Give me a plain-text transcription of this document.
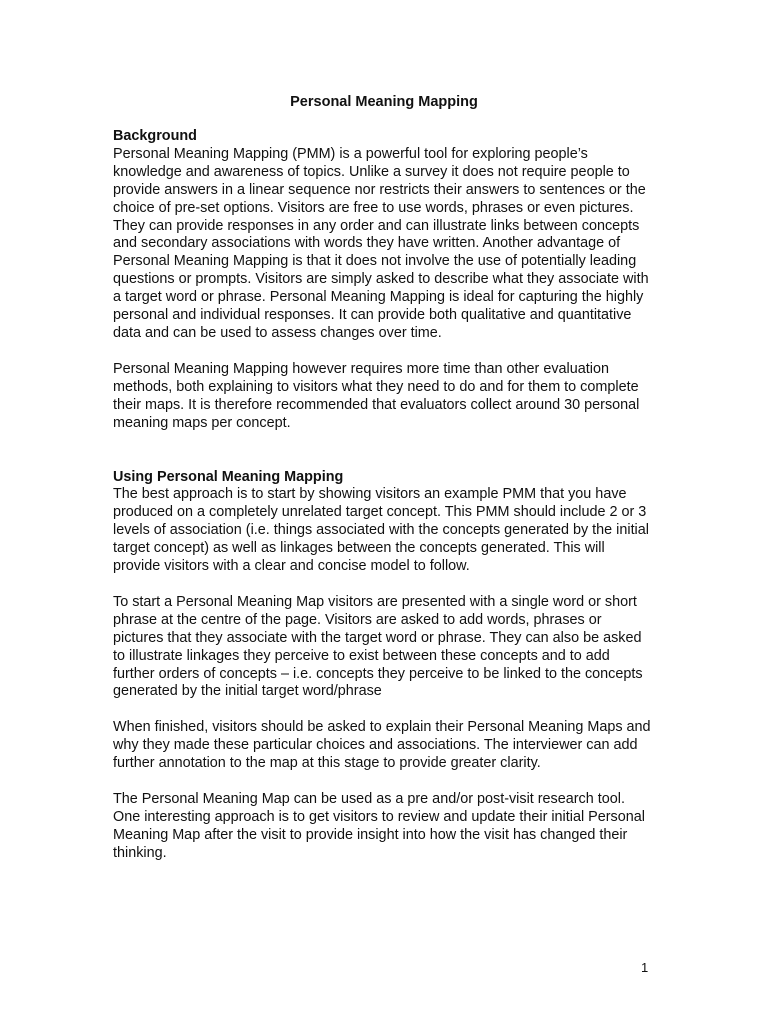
Personal Meaning Mapping
Background

Personal Meaning Mapping (PMM) is a powerful tool for exploring people’s knowledge and awareness of topics. Unlike a survey it does not require people to provide answers in a linear sequence nor restricts their answers to sentences or the choice of pre-set options. Visitors are free to use words, phrases or even pictures. They can provide responses in any order and can illustrate links between concepts and secondary associations with words they have written. Another advantage of Personal Meaning Mapping is that it does not involve the use of potentially leading questions or prompts. Visitors are simply asked to describe what they associate with a target word or phrase. Personal Meaning Mapping is ideal for capturing the highly personal and individual responses. It can provide both qualitative and quantitative data and can be used to assess changes over time.

Personal Meaning Mapping however requires more time than other evaluation methods, both explaining to visitors what they need to do and for them to complete their maps. It is therefore recommended that evaluators collect around 30 personal meaning maps per concept.

Using Personal Meaning Mapping

The best approach is to start by showing visitors an example PMM that you have produced on a completely unrelated target concept. This PMM should include 2 or 3 levels of association (i.e. things associated with the concepts generated by the initial target concept) as well as linkages between the concepts generated. This will provide visitors with a clear and concise model to follow.

To start a Personal Meaning Map visitors are presented with a single word or short phrase at the centre of the page. Visitors are asked to add words, phrases or pictures that they associate with the target word or phrase. They can also be asked to illustrate linkages they perceive to exist between these concepts and to add further orders of concepts – i.e. concepts they perceive to be linked to the concepts generated by the initial target word/phrase

When finished, visitors should be asked to explain their Personal Meaning Maps and why they made these particular choices and associations. The interviewer can add further annotation to the map at this stage to provide greater clarity.

The Personal Meaning Map can be used as a pre and/or post-visit research tool. One interesting approach is to get visitors to review and update their initial Personal Meaning Map after the visit to provide insight into how the visit has changed their thinking.

1
